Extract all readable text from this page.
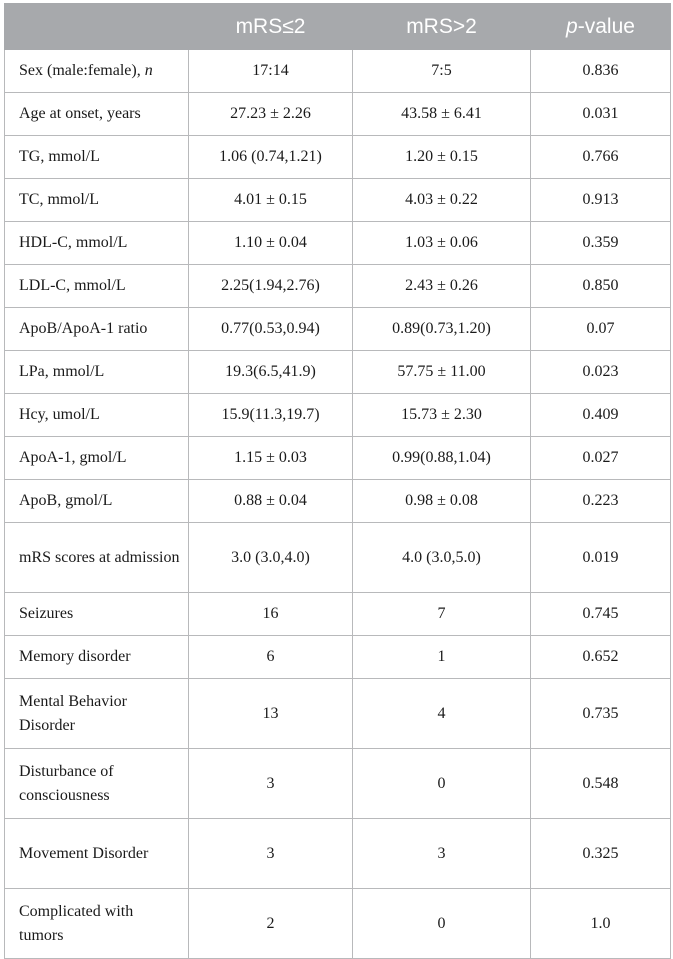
	mRS≤2	mRS>2	p-value
Sex (male:female), n	17:14	7:5	0.836
Age at onset, years	27.23 ± 2.26	43.58 ± 6.41	0.031
TG, mmol/L	1.06 (0.74,1.21)	1.20 ± 0.15	0.766
TC, mmol/L	4.01 ± 0.15	4.03 ± 0.22	0.913
HDL-C, mmol/L	1.10 ± 0.04	1.03 ± 0.06	0.359
LDL-C, mmol/L	2.25(1.94,2.76)	2.43 ± 0.26	0.850
ApoB/ApoA-1 ratio	0.77(0.53,0.94)	0.89(0.73,1.20)	0.07
LPa, mmol/L	19.3(6.5,41.9)	57.75 ± 11.00	0.023
Hcy, umol/L	15.9(11.3,19.7)	15.73 ± 2.30	0.409
ApoA-1, gmol/L	1.15 ± 0.03	0.99(0.88,1.04)	0.027
ApoB, gmol/L	0.88 ± 0.04	0.98 ± 0.08	0.223
mRS scores at admission	3.0 (3.0,4.0)	4.0 (3.0,5.0)	0.019
Seizures	16	7	0.745
Memory disorder	6	1	0.652
Mental Behavior Disorder	13	4	0.735
Disturbance of consciousness	3	0	0.548
Movement Disorder	3	3	0.325
Complicated with tumors	2	0	1.0
